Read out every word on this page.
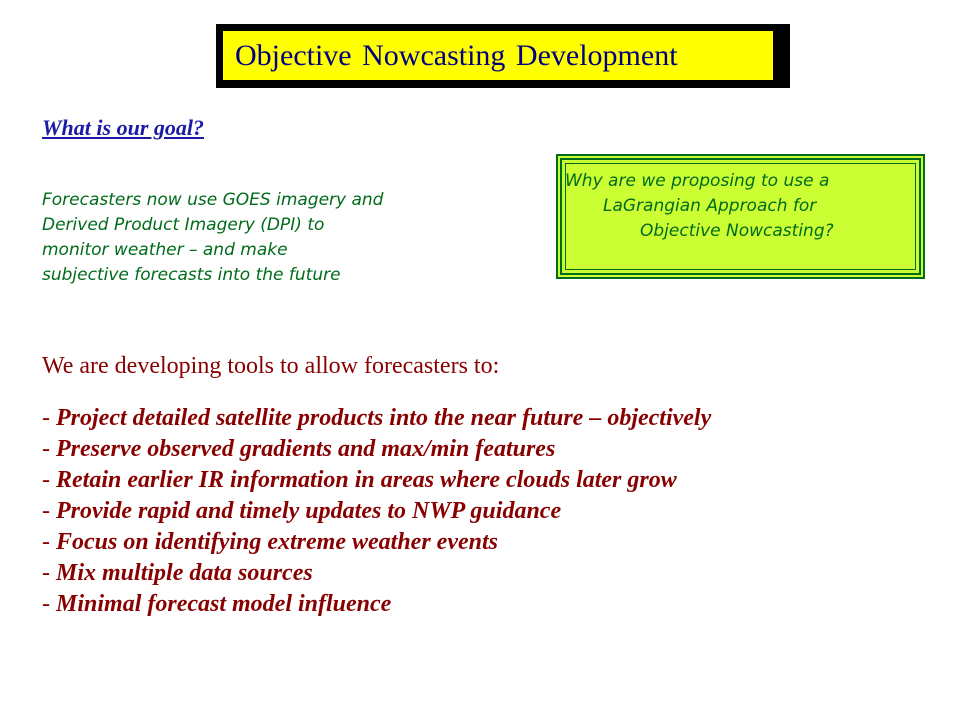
Objective Nowcasting Development
What is our goal?
Forecasters now use GOES imagery and
Derived Product Imagery (DPI) to
monitor weather – and make
subjective forecasts into the future
Why are we proposing to use a
LaGrangian Approach for
Objective Nowcasting?
We are developing tools to allow forecasters to:
- Project detailed satellite products into the near future – objectively
- Preserve observed gradients and max/min features
- Retain earlier IR information in areas where clouds later grow
- Provide rapid and timely updates to NWP guidance
- Focus on identifying extreme weather events
- Mix multiple data sources
- Minimal forecast model influence
